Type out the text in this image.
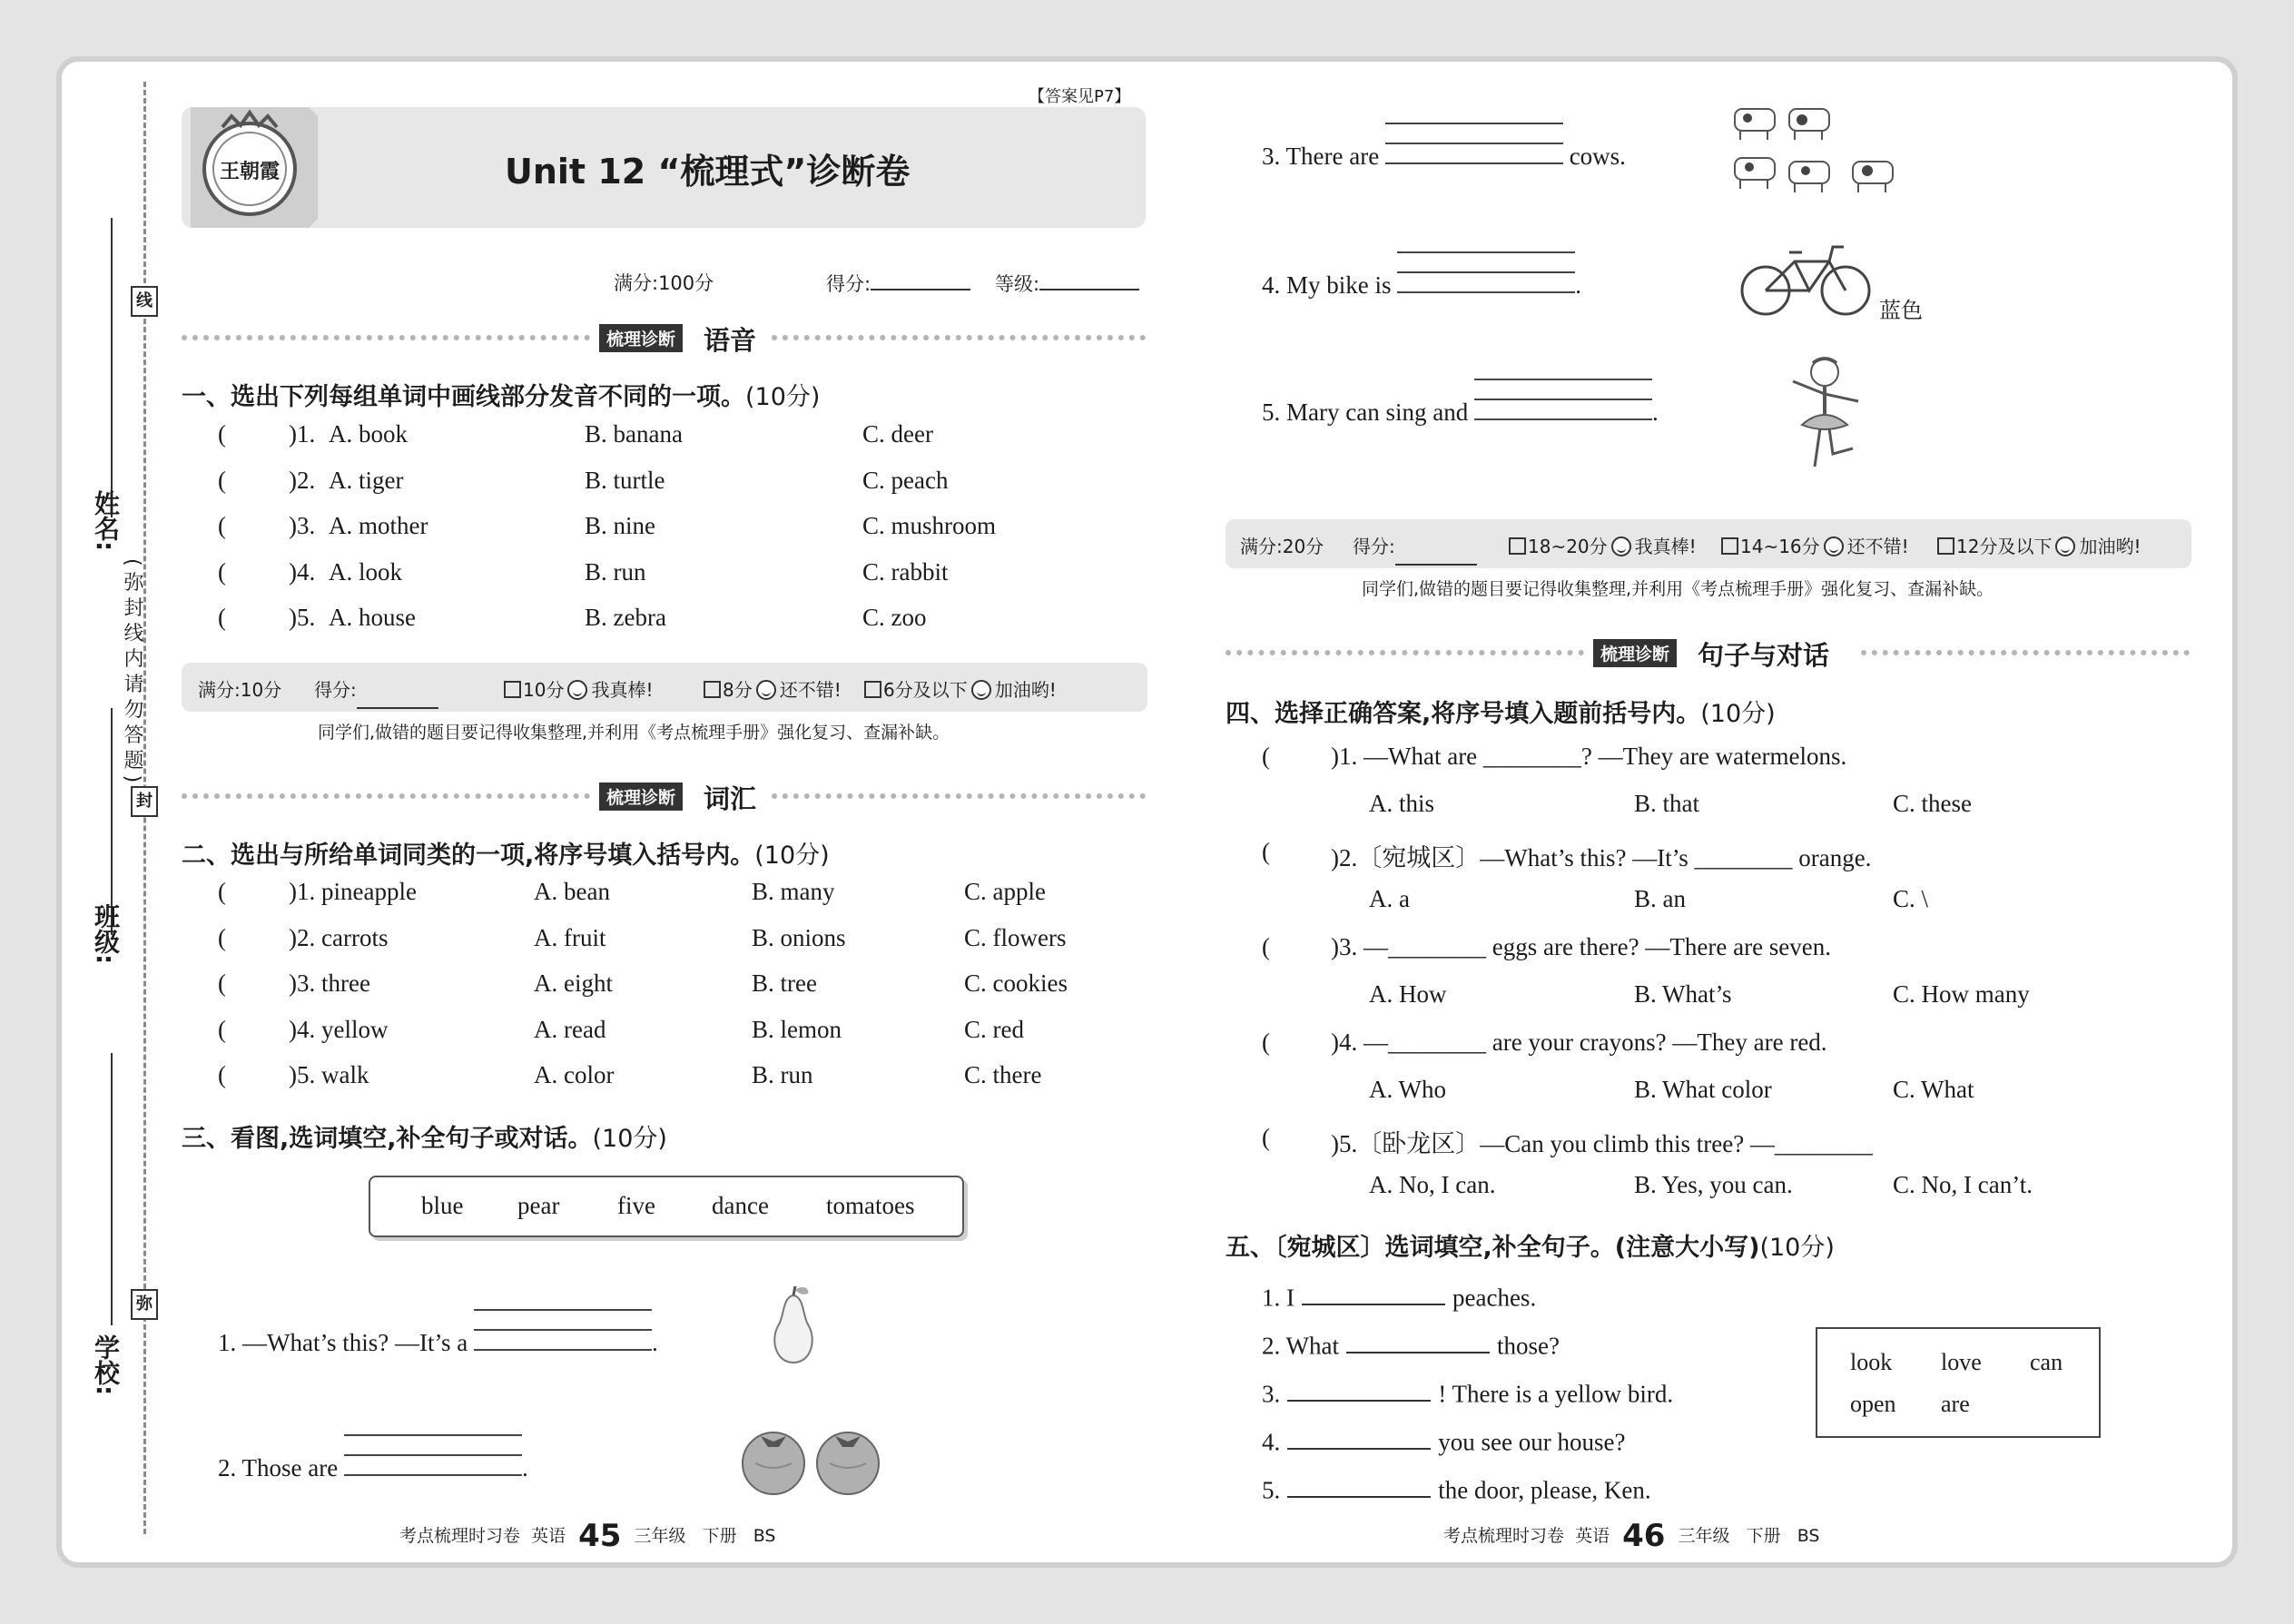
姓名:
班级:
学校:
线
封
弥
(弥封线内请勿答题)
【答案见P7】
王朝霞	Unit 12 “梳理式”诊断卷
满分:100分	得分:	等级:
梳理诊断 语音
一、选出下列每组单词中画线部分发音不同的一项。(10分)
(	)1. A. book	B. banana	C. deer
(	)2. A. tiger	B. turtle	C. peach
(	)3. A. mother	B. nine	C. mushroom
(	)4. A. look	B. run	C. rabbit
(	)5. A. house	B. zebra	C. zoo
满分:10分 得分:	10分 我真棒!	8分 还不错!	6分及以下 加油哟!
同学们,做错的题目要记得收集整理,并利用《考点梳理手册》强化复习、查漏补缺。
梳理诊断 词汇
二、选出与所给单词同类的一项,将序号填入括号内。(10分)
(	)1. pineapple	A. bean	B. many	C. apple
(	)2. carrots	A. fruit	B. onions	C. flowers
(	)3. three	A. eight	B. tree	C. cookies
(	)4. yellow	A. read	B. lemon	C. red
(	)5. walk	A. color	B. run	C. there
三、看图,选词填空,补全句子或对话。(10分)
blue pear five dance tomatoes
1. —What’s this? —It’s a	.
2. Those are	.
3. There are	cows.
4. My bike is	.
蓝色
5. Mary can sing and	.
满分:20分 得分:	18~20分 我真棒!	14~16分 还不错!	12分及以下 加油哟!
同学们,做错的题目要记得收集整理,并利用《考点梳理手册》强化复习、查漏补缺。
梳理诊断 句子与对话
四、选择正确答案,将序号填入题前括号内。(10分)
( )1. —What are ________? —They are watermelons.
A. this	B. that	C. these
( )2.〔宛城区〕—What’s this? —It’s ________ orange.
A. a	B. an	C. \
( )3. —________ eggs are there? —There are seven.
A. How	B. What’s	C. How many
( )4. —________ are your crayons? —They are red.
A. Who	B. What color	C. What
( )5.〔卧龙区〕—Can you climb this tree? —________
A. No, I can.	B. Yes, you can.	C. No, I can’t.
五、〔宛城区〕选词填空,补全句子。(注意大小写)(10分)
1. I	peaches.
2. What	those?
3.	! There is a yellow bird.
4.	you see our house?
5.	the door, please, Ken.
look love can
open are
考点梳理时习卷 英语 45 三年级 下册 BS	考点梳理时习卷 英语 46 三年级 下册 BS
